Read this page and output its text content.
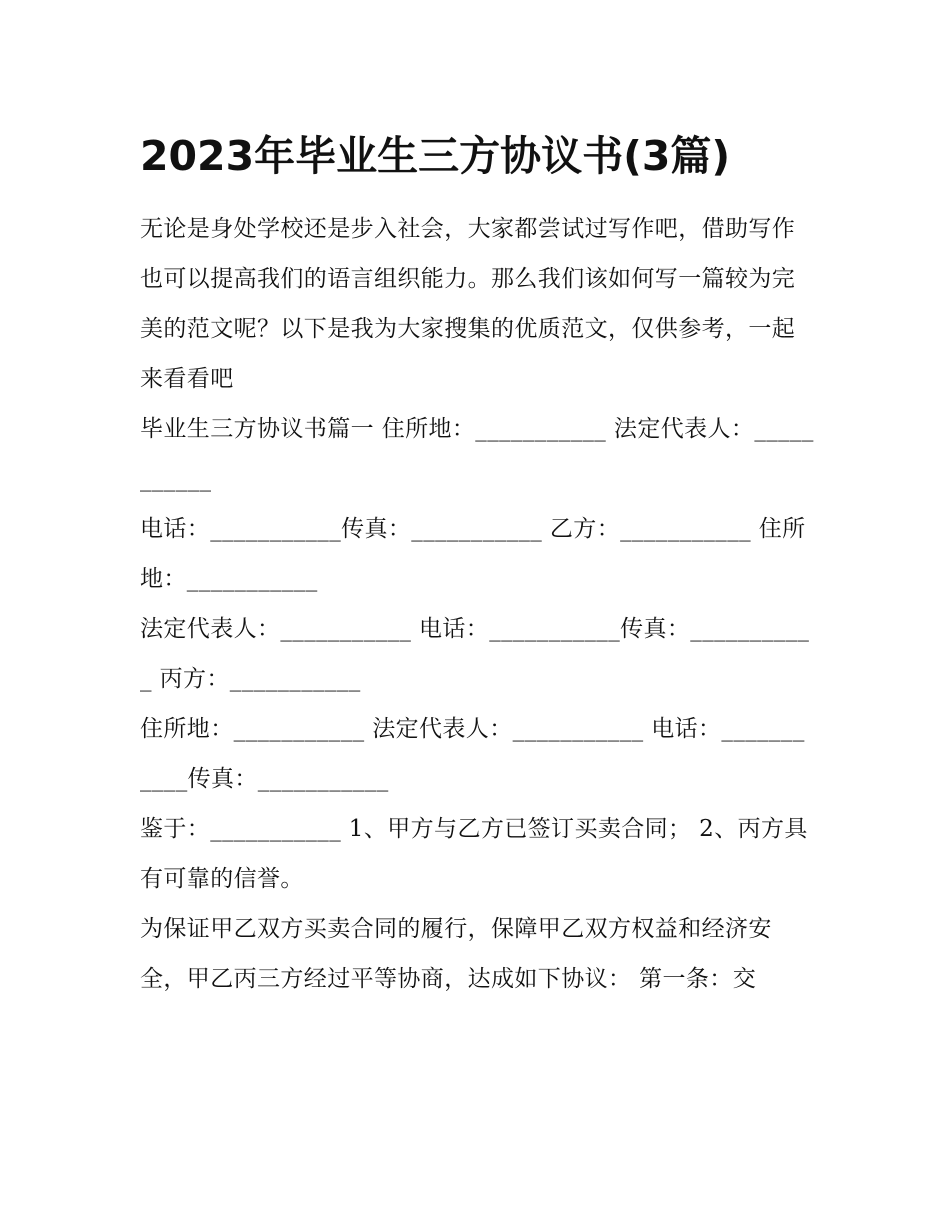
2023年毕业生三方协议书(3篇)

无论是身处学校还是步入社会，大家都尝试过写作吧，借助写作也可以提高我们的语言组织能力。那么我们该如何写一篇较为完美的范文呢？以下是我为大家搜集的优质范文，仅供参考，一起来看看吧

毕业生三方协议书篇一 住所地：___________ 法定代表人：___________

电话：___________传真：___________ 乙方：___________ 住所地：___________

法定代表人：___________ 电话：___________传真：___________ 丙方：___________

住所地：___________ 法定代表人：___________ 电话：___________传真：___________

鉴于：___________ 1、甲方与乙方已签订买卖合同； 2、丙方具有可靠的信誉。

为保证甲乙双方买卖合同的履行，保障甲乙双方权益和经济安全，甲乙丙三方经过平等协商，达成如下协议： 第一条：交
